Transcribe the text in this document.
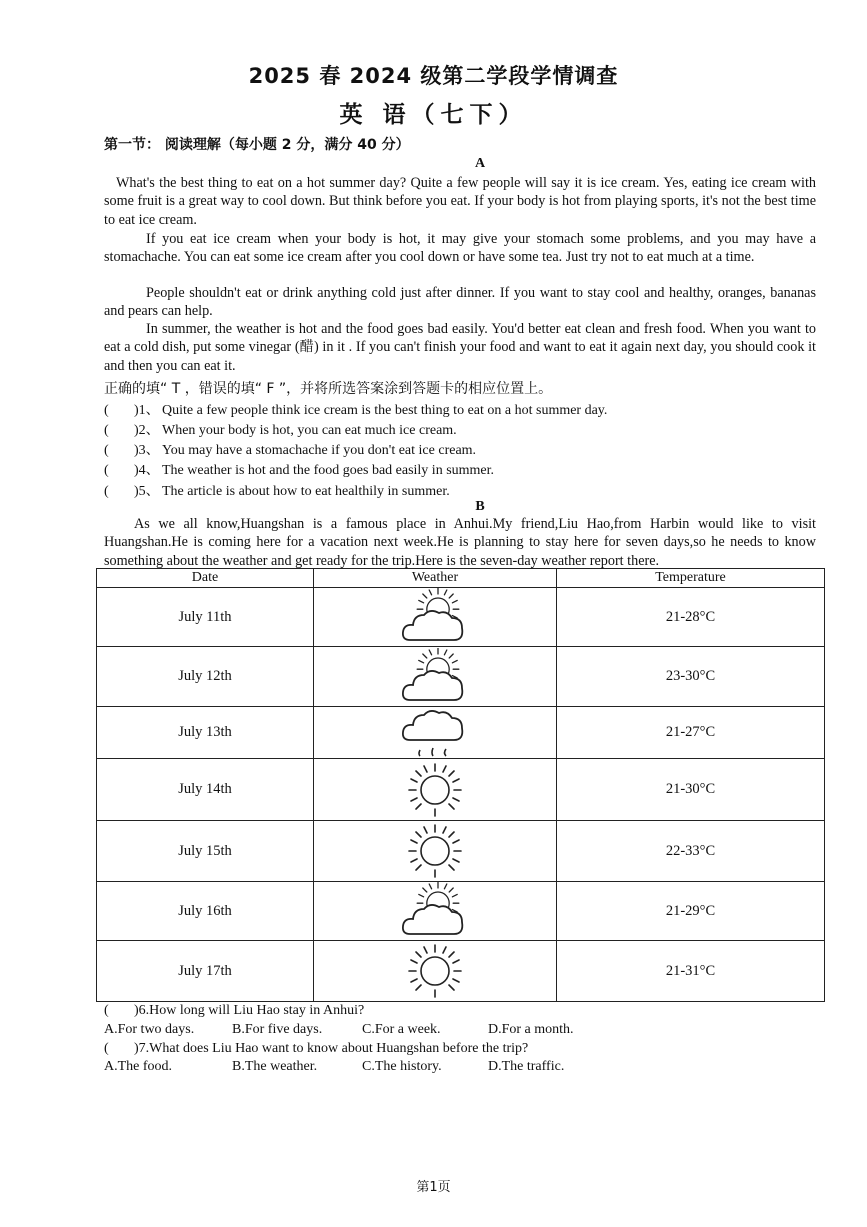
2025 春 2024 级第二学段学情调查
英 语（七下）
第一节： 阅读理解（每小题 2 分，满分 40 分）
A

What's the best thing to eat on a hot summer day? Quite a few people will say it is ice cream. Yes, eating ice cream with some fruit is a great way to cool down. But think before you eat. If your body is hot from playing sports, it's not the best time to eat ice cream.

If you eat ice cream when your body is hot, it may give your stomach some problems, and you may have a stomachache. You can eat some ice cream after you cool down or have some tea. Just try not to eat much at a time.

People shouldn't eat or drink anything cold just after dinner. If you want to stay cool and healthy, oranges, bananas and pears can help.

In summer, the weather is hot and the food goes bad easily. You'd better eat clean and fresh food. When you want to eat a cold dish, put some vinegar (醋) in it . If you can't finish your food and want to eat it again next day, you should cook it and then you can eat it.

正确的填“ T ，错误的填“ F ”，并将所选答案涂到答题卡的相应位置上。
( )1、 Quite a few people think ice cream is the best thing to eat on a hot summer day.
( )2、 When your body is hot, you can eat much ice cream.
( )3、 You may have a stomachache if you don't eat ice cream.
( )4、 The weather is hot and the food goes bad easily in summer.
( )5、 The article is about how to eat healthily in summer.
B

As we all know,Huangshan is a famous place in Anhui.My friend,Liu Hao,from Harbin would like to visit Huangshan.He is coming here for a vacation next week.He is planning to stay here for seven days,so he needs to know something about the weather and get ready for the trip.Here is the seven-day weather report there.

Date	Weather	Temperature
July 11th		21-28°C
July 12th		23-30°C
July 13th		21-27°C
July 14th		21-30°C
July 15th		22-33°C
July 16th		21-29°C
July 17th		21-31°C
( )6.How long will Liu Hao stay in Anhui?
A.For two days.	B.For five days.	C.For a week.	D.For a month.
( )7.What does Liu Hao want to know about Huangshan before the trip?
A.The food.	B.The weather.	C.The history.	D.The traffic.
第1页
